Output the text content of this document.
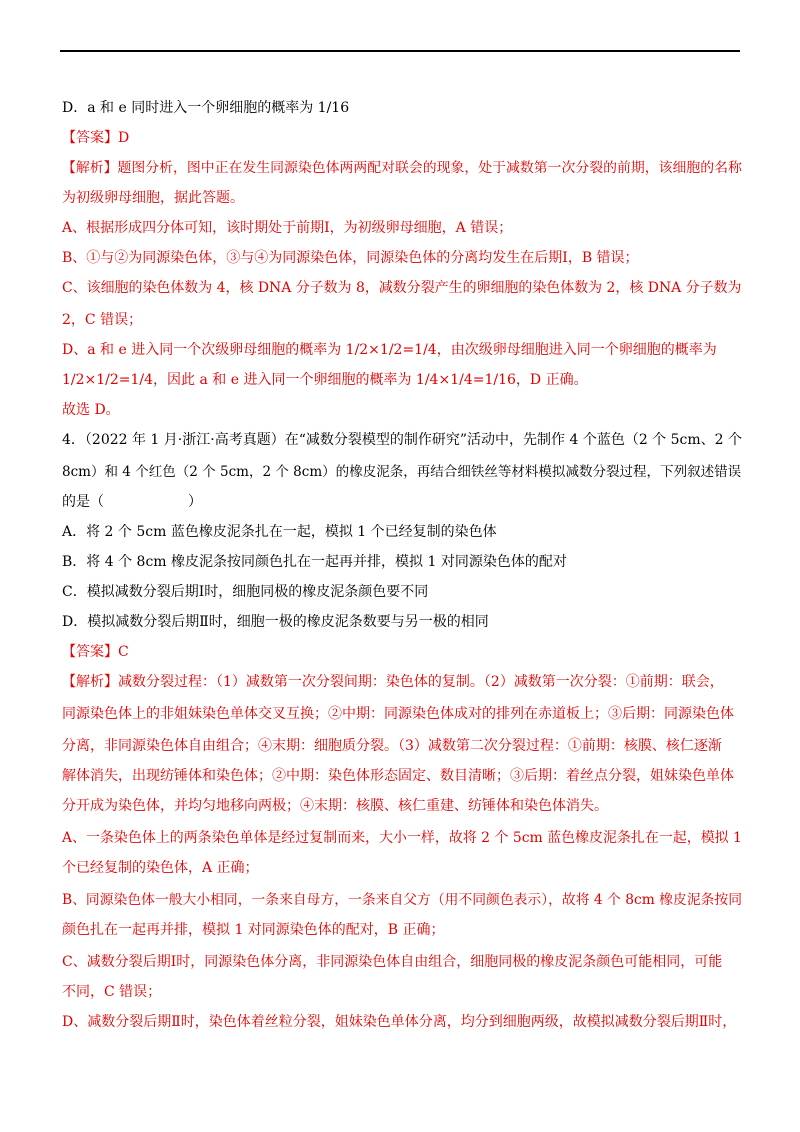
D．a 和 e 同时进入一个卵细胞的概率为 1/16
【答案】D
【解析】题图分析，图中正在发生同源染色体两两配对联会的现象，处于减数第一次分裂的前期，该细胞的名称
为初级卵母细胞，据此答题。
A、根据形成四分体可知，该时期处于前期Ⅰ，为初级卵母细胞，A 错误；
B、①与②为同源染色体，③与④为同源染色体，同源染色体的分离均发生在后期Ⅰ，B 错误；
C、该细胞的染色体数为 4，核 DNA 分子数为 8，减数分裂产生的卵细胞的染色体数为 2，核 DNA 分子数为
2，C 错误；
D、a 和 e 进入同一个次级卵母细胞的概率为 1/2×1/2=1/4，由次级卵母细胞进入同一个卵细胞的概率为
1/2×1/2=1/4，因此 a 和 e 进入同一个卵细胞的概率为 1/4×1/4=1/16，D 正确。
故选 D。
4．（2022 年 1 月·浙江·高考真题）在“减数分裂模型的制作研究”活动中，先制作 4 个蓝色（2 个 5cm、2 个
8cm）和 4 个红色（2 个 5cm，2 个 8cm）的橡皮泥条，再结合细铁丝等材料模拟减数分裂过程，下列叙述错误
的是（　　　　　　）
A．将 2 个 5cm 蓝色橡皮泥条扎在一起，模拟 1 个已经复制的染色体
B．将 4 个 8cm 橡皮泥条按同颜色扎在一起再并排，模拟 1 对同源染色体的配对
C．模拟减数分裂后期Ⅰ时，细胞同极的橡皮泥条颜色要不同
D．模拟减数分裂后期Ⅱ时，细胞一极的橡皮泥条数要与另一极的相同
【答案】C
【解析】减数分裂过程：（1）减数第一次分裂间期：染色体的复制。（2）减数第一次分裂：①前期：联会，
同源染色体上的非姐妹染色单体交叉互换；②中期：同源染色体成对的排列在赤道板上；③后期：同源染色体
分离，非同源染色体自由组合；④末期：细胞质分裂。（3）减数第二次分裂过程：①前期：核膜、核仁逐渐
解体消失，出现纺锤体和染色体；②中期：染色体形态固定、数目清晰；③后期：着丝点分裂，姐妹染色单体
分开成为染色体，并均匀地移向两极；④末期：核膜、核仁重建、纺锤体和染色体消失。
A、一条染色体上的两条染色单体是经过复制而来，大小一样，故将 2 个 5cm 蓝色橡皮泥条扎在一起，模拟 1
个已经复制的染色体，A 正确；
B、同源染色体一般大小相同，一条来自母方，一条来自父方（用不同颜色表示），故将 4 个 8cm 橡皮泥条按同
颜色扎在一起再并排，模拟 1 对同源染色体的配对，B 正确；
C、减数分裂后期Ⅰ时，同源染色体分离，非同源染色体自由组合，细胞同极的橡皮泥条颜色可能相同，可能
不同，C 错误；
D、减数分裂后期Ⅱ时，染色体着丝粒分裂，姐妹染色单体分离，均分到细胞两级，故模拟减数分裂后期Ⅱ时，
